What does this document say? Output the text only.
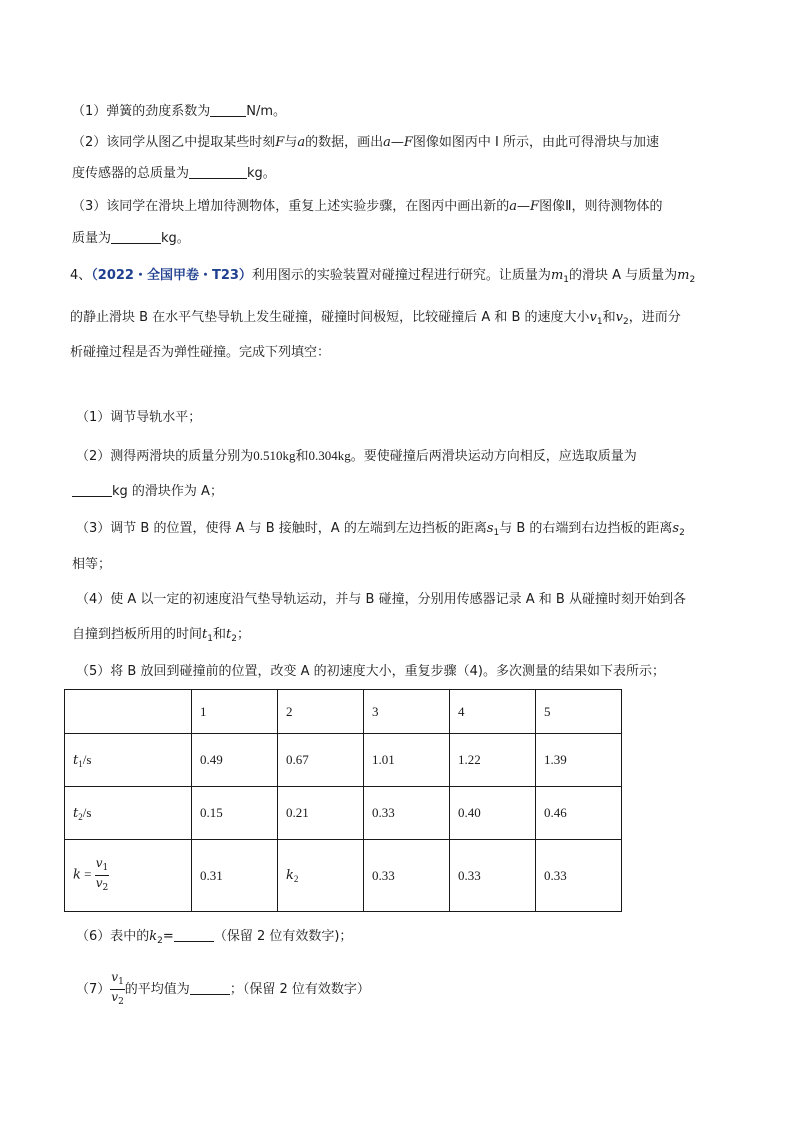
（1）弹簧的劲度系数为	N/m。
（2）该同学从图乙中提取某些时刻F与a的数据，画出a—F图像如图丙中 I 所示，由此可得滑块与加速
度传感器的总质量为	kg。
（3）该同学在滑块上增加待测物体，重复上述实验步骤，在图丙中画出新的a—F图像Ⅱ，则待测物体的
质量为	kg。
4、（2022・全国甲卷・T23）利用图示的实验装置对碰撞过程进行研究。让质量为$m_1$的滑块 A 与质量为$m_2$
的静止滑块 B 在水平气垫导轨上发生碰撞，碰撞时间极短，比较碰撞后 A 和 B 的速度大小$v_1$和$v_2$，进而分
析碰撞过程是否为弹性碰撞。完成下列填空：
（1）调节导轨水平；
（2）测得两滑块的质量分别为0.510kg和0.304kg。要使碰撞后两滑块运动方向相反，应选取质量为
kg 的滑块作为 A；
（3）调节 B 的位置，使得 A 与 B 接触时，A 的左端到左边挡板的距离$s_1$与 B 的右端到右边挡板的距离$s_2$
相等；
（4）使 A 以一定的初速度沿气垫导轨运动，并与 B 碰撞，分别用传感器记录 A 和 B 从碰撞时刻开始到各
自撞到挡板所用的时间$t_1$和$t_2$；
（5）将 B 放回到碰撞前的位置，改变 A 的初速度大小，重复步骤（4)。多次测量的结果如下表所示；
	1	2	3	4	5
$t_1/s$	0.49	0.67	1.01	1.22	1.39
$t_2/s$	0.15	0.21	0.33	0.40	0.46
$k = \frac{v_1}{v_2}$	0.31	$k_2$	0.33	0.33	0.33
（6）表中的$k_2=$	（保留 2 位有效数字)；
$(7) \frac{v_1}{v_2}$ 的平均值为	；（保留 2 位有效数字）
